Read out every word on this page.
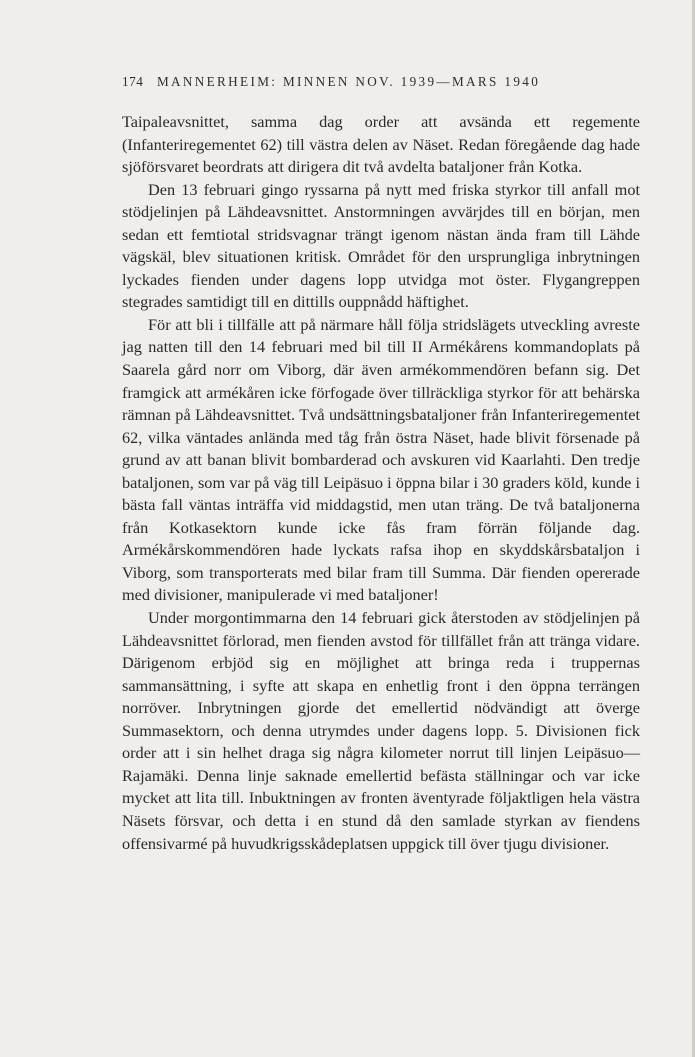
174 MANNERHEIM: MINNEN NOV. 1939—MARS 1940

Taipaleavsnittet, samma dag order att avsända ett regemente (Infanteriregementet 62) till västra delen av Näset. Redan föregående dag hade sjöförsvaret beordrats att dirigera dit två avdelta bataljoner från Kotka.

Den 13 februari gingo ryssarna på nytt med friska styrkor till anfall mot stödjelinjen på Lähdeavsnittet. Anstormningen avvärjdes till en början, men sedan ett femtiotal stridsvagnar trängt igenom nästan ända fram till Lähde vägskäl, blev situationen kritisk. Området för den ursprungliga inbrytningen lyckades fienden under dagens lopp utvidga mot öster. Flygangreppen stegrades samtidigt till en dittills ouppnådd häftighet.

För att bli i tillfälle att på närmare håll följa stridslägets utveckling avreste jag natten till den 14 februari med bil till II Armékårens kommandoplats på Saarela gård norr om Viborg, där även armékommendören befann sig. Det framgick att armékåren icke förfogade över tillräckliga styrkor för att behärska rämnan på Lähdeavsnittet. Två undsättningsbataljoner från Infanteriregementet 62, vilka väntades anlända med tåg från östra Näset, hade blivit försenade på grund av att banan blivit bombarderad och avskuren vid Kaarlahti. Den tredje bataljonen, som var på väg till Leipäsuo i öppna bilar i 30 graders köld, kunde i bästa fall väntas inträffa vid middagstid, men utan träng. De två bataljonerna från Kotkasektorn kunde icke fås fram förrän följande dag. Armékårskommendören hade lyckats rafsa ihop en skyddskårsbataljon i Viborg, som transporterats med bilar fram till Summa. Där fienden opererade med divisioner, manipulerade vi med bataljoner!

Under morgontimmarna den 14 februari gick återstoden av stödjelinjen på Lähdeavsnittet förlorad, men fienden avstod för tillfället från att tränga vidare. Därigenom erbjöd sig en möjlighet att bringa reda i truppernas sammansättning, i syfte att skapa en enhetlig front i den öppna terrängen norröver. Inbrytningen gjorde det emellertid nödvändigt att överge Summasektorn, och denna utrymdes under dagens lopp. 5. Divisionen fick order att i sin helhet draga sig några kilometer norrut till linjen Leipäsuo—Rajamäki. Denna linje saknade emellertid befästa ställningar och var icke mycket att lita till. Inbuktningen av fronten äventyrade följaktligen hela västra Näsets försvar, och detta i en stund då den samlade styrkan av fiendens offensivarmé på huvudkrigsskådeplatsen uppgick till över tjugu divisioner.
